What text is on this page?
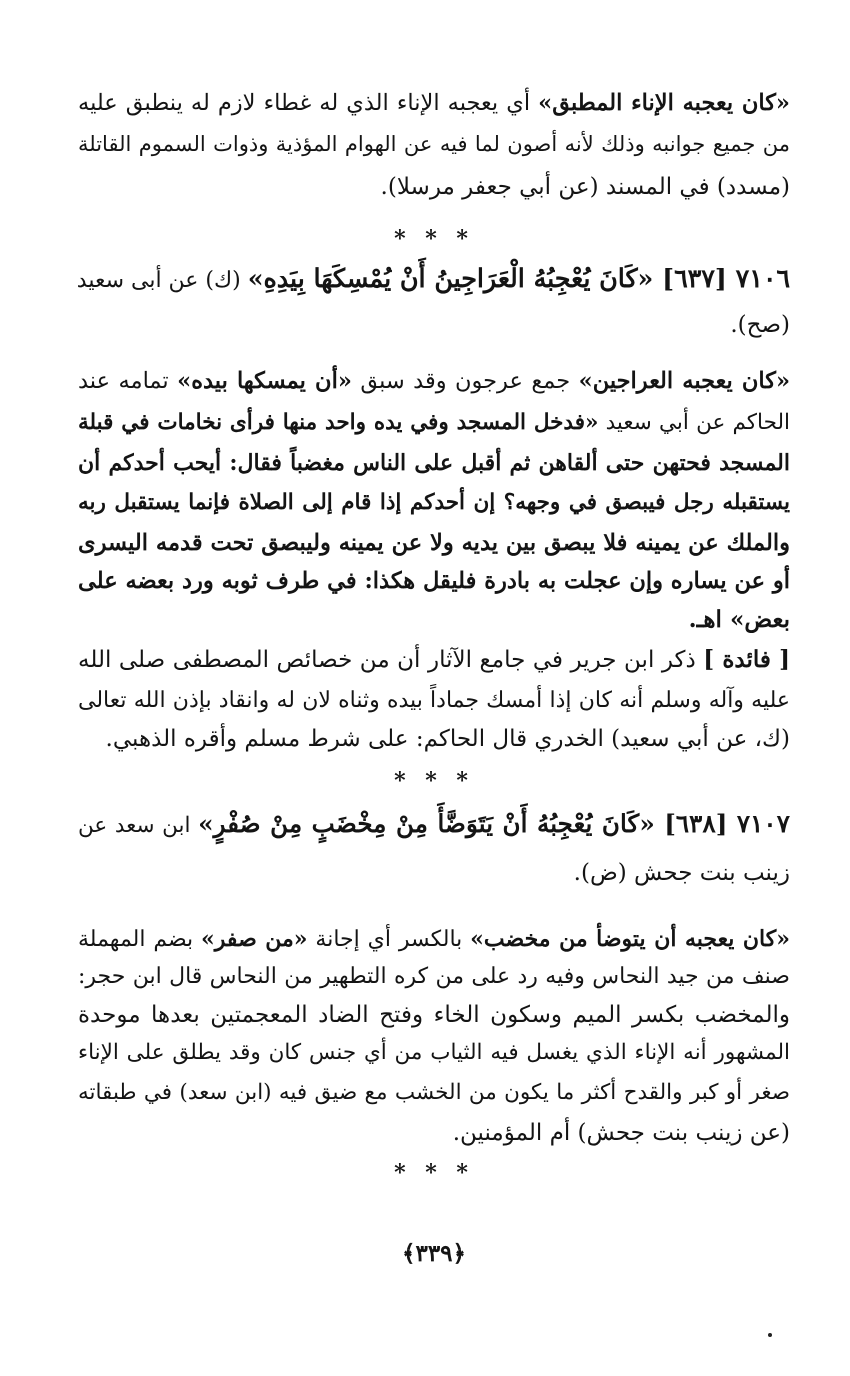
«كان يعجبه الإناء المطبق» أي يعجبه الإناء الذي له غطاء لازم له ينطبق عليه
من جميع جوانبه وذلك لأنه أصون لما فيه عن الهوام المؤذية وذوات السموم القاتلة
(مسدد) في المسند (عن أبي جعفر مرسلا).
* * *
٧١٠٦ [٦٣٧] «كَانَ يُعْجِبُهُ الْعَرَاجِينُ أَنْ يُمْسِكَهَا بِيَدِهِ» (ك) عن أبى سعيد
(صح).
«كان يعجبه العراجين» جمع عرجون وقد سبق «أن يمسكها بيده» تمامه عند
الحاكم عن أبي سعيد «فدخل المسجد وفي يده واحد منها فرأى نخامات في قبلة
المسجد فحتهن حتى ألقاهن ثم أقبل على الناس مغضباً فقال: أيحب أحدكم أن
يستقبله رجل فيبصق في وجهه؟ إن أحدكم إذا قام إلى الصلاة فإنما يستقبل ربه
والملك عن يمينه فلا يبصق بين يديه ولا عن يمينه وليبصق تحت قدمه اليسرى
أو عن يساره وإن عجلت به بادرة فليقل هكذا: في طرف ثوبه ورد بعضه على
بعض» اهـ.
[ فائدة ] ذكر ابن جرير في جامع الآثار أن من خصائص المصطفى صلى الله
عليه وآله وسلم أنه كان إذا أمسك جماداً بيده وثناه لان له وانقاد بإذن الله تعالى
(ك، عن أبي سعيد) الخدري قال الحاكم: على شرط مسلم وأقره الذهبي.
* * *
٧١٠٧ [٦٣٨] «كَانَ يُعْجِبُهُ أَنْ يَتَوَضَّأَ مِنْ مِخْضَبٍ مِنْ صُفْرٍ» ابن سعد عن
زينب بنت جحش (ض).
«كان يعجبه أن يتوضأ من مخضب» بالكسر أي إجانة «من صفر» بضم المهملة
صنف من جيد النحاس وفيه رد على من كره التطهير من النحاس قال ابن حجر:
والمخضب بكسر الميم وسكون الخاء وفتح الضاد المعجمتين بعدها موحدة
المشهور أنه الإناء الذي يغسل فيه الثياب من أي جنس كان وقد يطلق على الإناء
صغر أو كبر والقدح أكثر ما يكون من الخشب مع ضيق فيه (ابن سعد) في طبقاته
(عن زينب بنت جحش) أم المؤمنين.
* * *
﴿٣٣٩﴾
